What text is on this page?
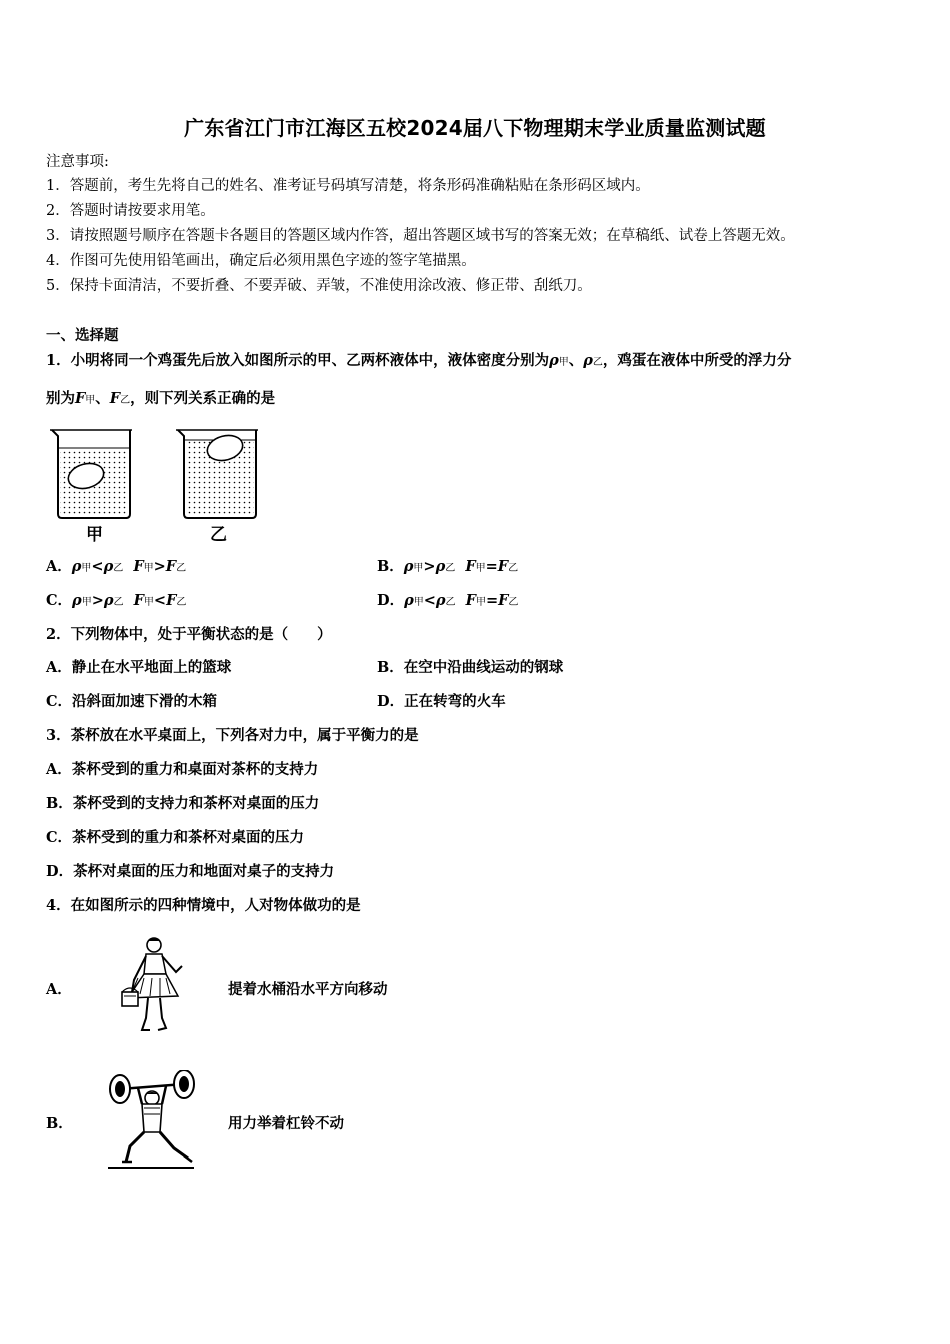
广东省江门市江海区五校2024届八下物理期末学业质量监测试题
注意事项:
1．答题前，考生先将自己的姓名、准考证号码填写清楚，将条形码准确粘贴在条形码区域内。
2．答题时请按要求用笔。
3．请按照题号顺序在答题卡各题目的答题区域内作答，超出答题区域书写的答案无效；在草稿纸、试卷上答题无效。
4．作图可先使用铅笔画出，确定后必须用黑色字迹的签字笔描黑。
5．保持卡面清洁，不要折叠、不要弄破、弄皱，不准使用涂改液、修正带、刮纸刀。
一、选择题
1．小明将同一个鸡蛋先后放入如图所示的甲、乙两杯液体中，液体密度分别为ρ甲、ρ乙，鸡蛋在液体中所受的浮力分
别为F甲、F乙，则下列关系正确的是
甲	乙
A．ρ甲<ρ乙 F甲>F乙	B．ρ甲>ρ乙 F甲=F乙
C．ρ甲>ρ乙 F甲<F乙	D．ρ甲<ρ乙 F甲=F乙
2．下列物体中，处于平衡状态的是（　　）
A．静止在水平地面上的篮球	B．在空中沿曲线运动的钢球
C．沿斜面加速下滑的木箱	D．正在转弯的火车
3．茶杯放在水平桌面上，下列各对力中，属于平衡力的是
A．茶杯受到的重力和桌面对茶杯的支持力
B．茶杯受到的支持力和茶杯对桌面的压力
C．茶杯受到的重力和茶杯对桌面的压力
D．茶杯对桌面的压力和地面对桌子的支持力
4．在如图所示的四种情境中，人对物体做功的是
A．	提着水桶沿水平方向移动
B．	用力举着杠铃不动
